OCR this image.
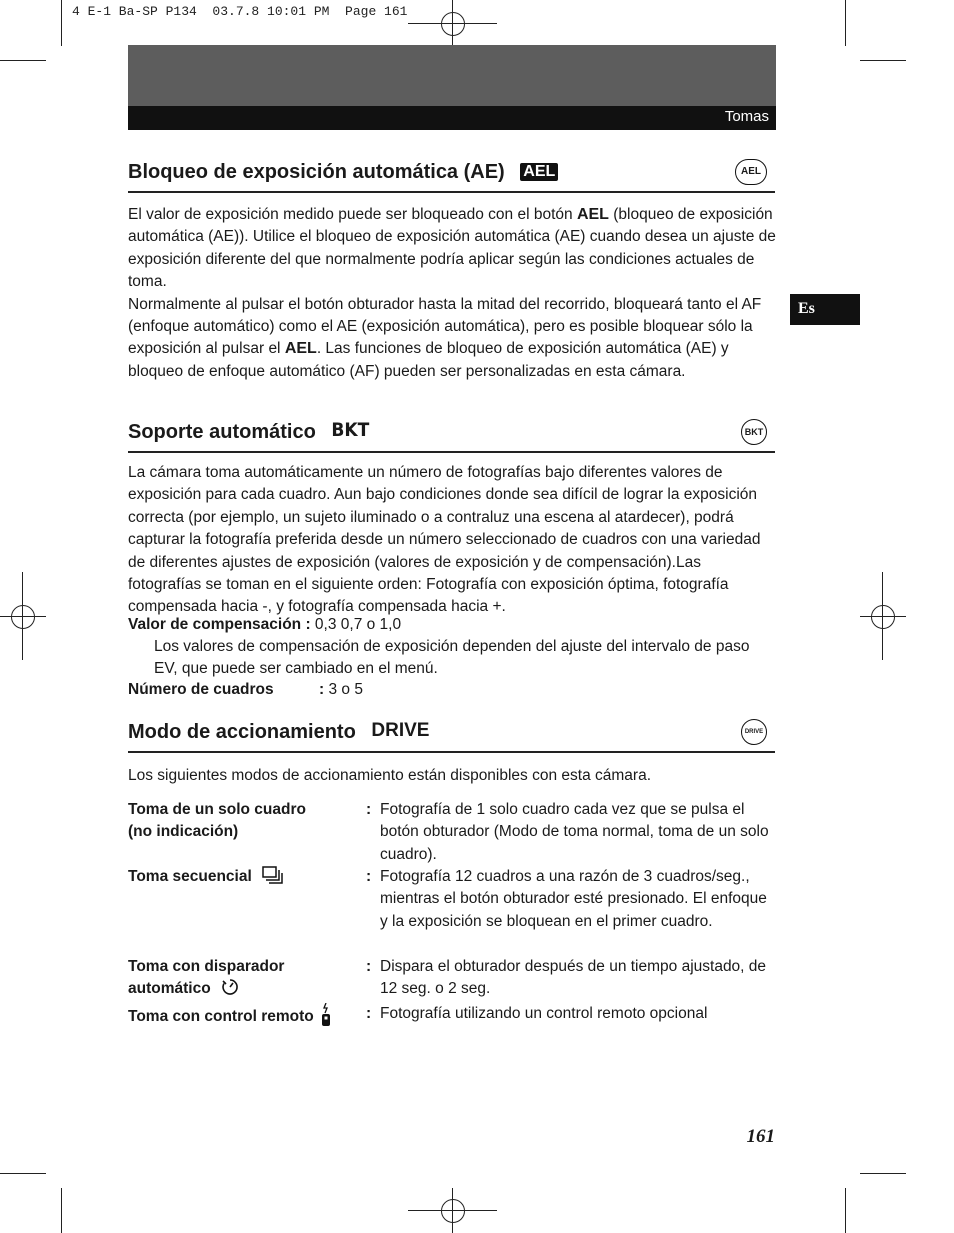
4 E-1 Ba-SP P134  03.7.8 10:01 PM  Page 161
Tomas
Es
Bloqueo de exposición automática (AE) AEL	AEL

El valor de exposición medido puede ser bloqueado con el botón AEL (bloqueo de exposición automática (AE)). Utilice el bloqueo de exposición automática (AE) cuando desea un ajuste de exposición diferente del que normalmente podría aplicar según las condiciones actuales de toma.

Normalmente al pulsar el botón obturador hasta la mitad del recorrido, bloqueará tanto el AF (enfoque automático) como el AE (exposición automática), pero es posible bloquear sólo la exposición al pulsar el AEL. Las funciones de bloqueo de exposición automática (AE) y bloqueo de enfoque automático (AF) pueden ser personalizadas en esta cámara.

Soporte automático BKT	BKT
La cámara toma automáticamente un número de fotografías bajo diferentes valores de exposición para cada cuadro. Aun bajo condiciones donde sea difícil de lograr la exposición correcta (por ejemplo, un sujeto iluminado o a contraluz una escena al atardecer), podrá capturar la fotografía preferida desde un número seleccionado de cuadros con una variedad de diferentes ajustes de exposición (valores de exposición y de compensación).Las fotografías se toman en el siguiente orden: Fotografía con exposición óptima, fotografía compensada hacia -, y fotografía compensada hacia +.
Valor de compensación : 0,3 0,7 o 1,0
Los valores de compensación de exposición dependen del ajuste del intervalo de paso EV, que puede ser cambiado en el menú.
Número de cuadros	: 3 o 5
Modo de accionamiento DRIVE	DRIVE
Los siguientes modos de accionamiento están disponibles con esta cámara.
Toma de un solo cuadro
(no indicación)
: Fotografía de 1 solo cuadro cada vez que se pulsa el botón obturador (Modo de toma normal, toma de un solo cuadro).
Toma secuencial	: Fotografía 12 cuadros a una razón de 3 cuadros/seg., mientras el botón obturador esté presionado. El enfoque y la exposición se bloquean en el primer cuadro.
Toma con disparador
automático
: Dispara el obturador después de un tiempo ajustado, de 12 seg. o 2 seg.
Toma con control remoto	: Fotografía utilizando un control remoto opcional
161
